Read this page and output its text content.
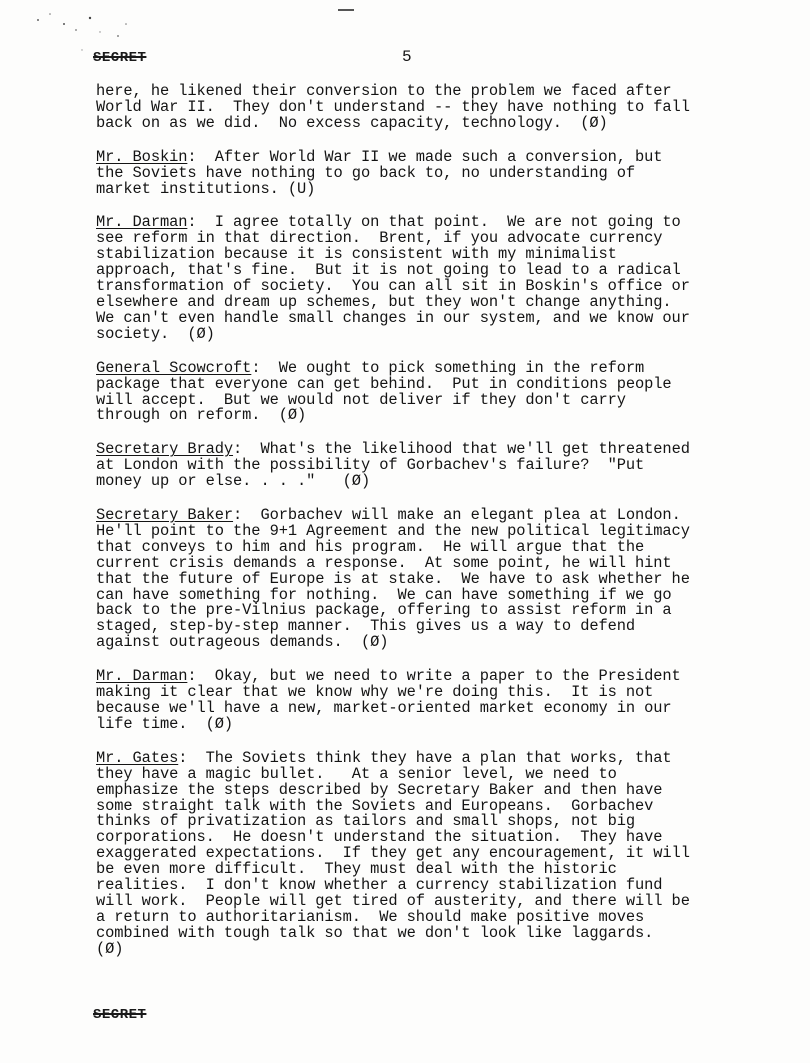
SECRET	5
here, he likened their conversion to the problem we faced after
World War II.  They don't understand -- they have nothing to fall
back on as we did.  No excess capacity, technology.  (Ø)
Mr. Boskin:  After World War II we made such a conversion, but
the Soviets have nothing to go back to, no understanding of
market institutions. (U)
Mr. Darman:  I agree totally on that point.  We are not going to
see reform in that direction.  Brent, if you advocate currency
stabilization because it is consistent with my minimalist
approach, that's fine.  But it is not going to lead to a radical
transformation of society.  You can all sit in Boskin's office or
elsewhere and dream up schemes, but they won't change anything.
We can't even handle small changes in our system, and we know our
society.  (Ø)
General Scowcroft:  We ought to pick something in the reform
package that everyone can get behind.  Put in conditions people
will accept.  But we would not deliver if they don't carry
through on reform.  (Ø)
Secretary Brady:  What's the likelihood that we'll get threatened
at London with the possibility of Gorbachev's failure?  "Put
money up or else. . . ."   (Ø)
Secretary Baker:  Gorbachev will make an elegant plea at London.
He'll point to the 9+1 Agreement and the new political legitimacy
that conveys to him and his program.  He will argue that the
current crisis demands a response.  At some point, he will hint
that the future of Europe is at stake.  We have to ask whether he
can have something for nothing.  We can have something if we go
back to the pre-Vilnius package, offering to assist reform in a
staged, step-by-step manner.  This gives us a way to defend
against outrageous demands.  (Ø)
Mr. Darman:  Okay, but we need to write a paper to the President
making it clear that we know why we're doing this.  It is not
because we'll have a new, market-oriented market economy in our
life time.  (Ø)
Mr. Gates:  The Soviets think they have a plan that works, that
they have a magic bullet.   At a senior level, we need to
emphasize the steps described by Secretary Baker and then have
some straight talk with the Soviets and Europeans.  Gorbachev
thinks of privatization as tailors and small shops, not big
corporations.  He doesn't understand the situation.  They have
exaggerated expectations.  If they get any encouragement, it will
be even more difficult.  They must deal with the historic
realities.  I don't know whether a currency stabilization fund
will work.  People will get tired of austerity, and there will be
a return to authoritarianism.  We should make positive moves
combined with tough talk so that we don't look like laggards.
(Ø)
SECRET
